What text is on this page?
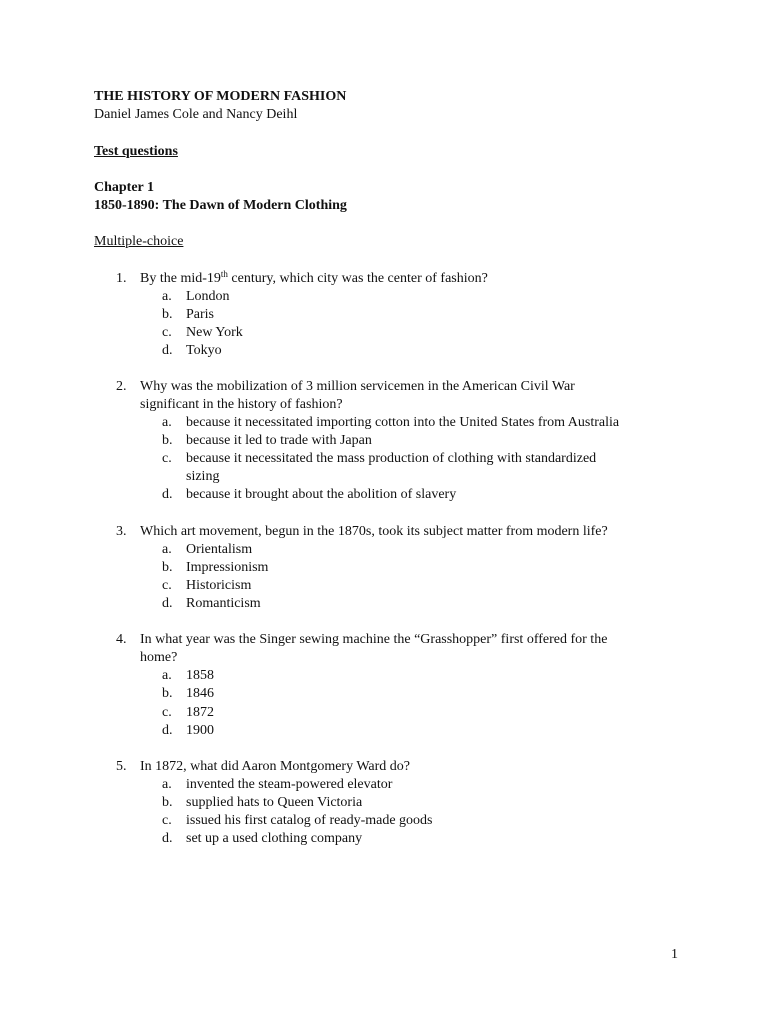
THE HISTORY OF MODERN FASHION
Daniel James Cole and Nancy Deihl
Test questions
Chapter 1
1850-1890: The Dawn of Modern Clothing
Multiple-choice
1. By the mid-19th century, which city was the center of fashion?
a. London
b. Paris
c. New York
d. Tokyo
2. Why was the mobilization of 3 million servicemen in the American Civil War
significant in the history of fashion?
a. because it necessitated importing cotton into the United States from Australia
b. because it led to trade with Japan
c. because it necessitated the mass production of clothing with standardized
sizing
d. because it brought about the abolition of slavery
3. Which art movement, begun in the 1870s, took its subject matter from modern life?
a. Orientalism
b. Impressionism
c. Historicism
d. Romanticism
4. In what year was the Singer sewing machine the “Grasshopper” first offered for the
home?
a. 1858
b. 1846
c. 1872
d. 1900
5. In 1872, what did Aaron Montgomery Ward do?
a. invented the steam-powered elevator
b. supplied hats to Queen Victoria
c. issued his first catalog of ready-made goods
d. set up a used clothing company
1
